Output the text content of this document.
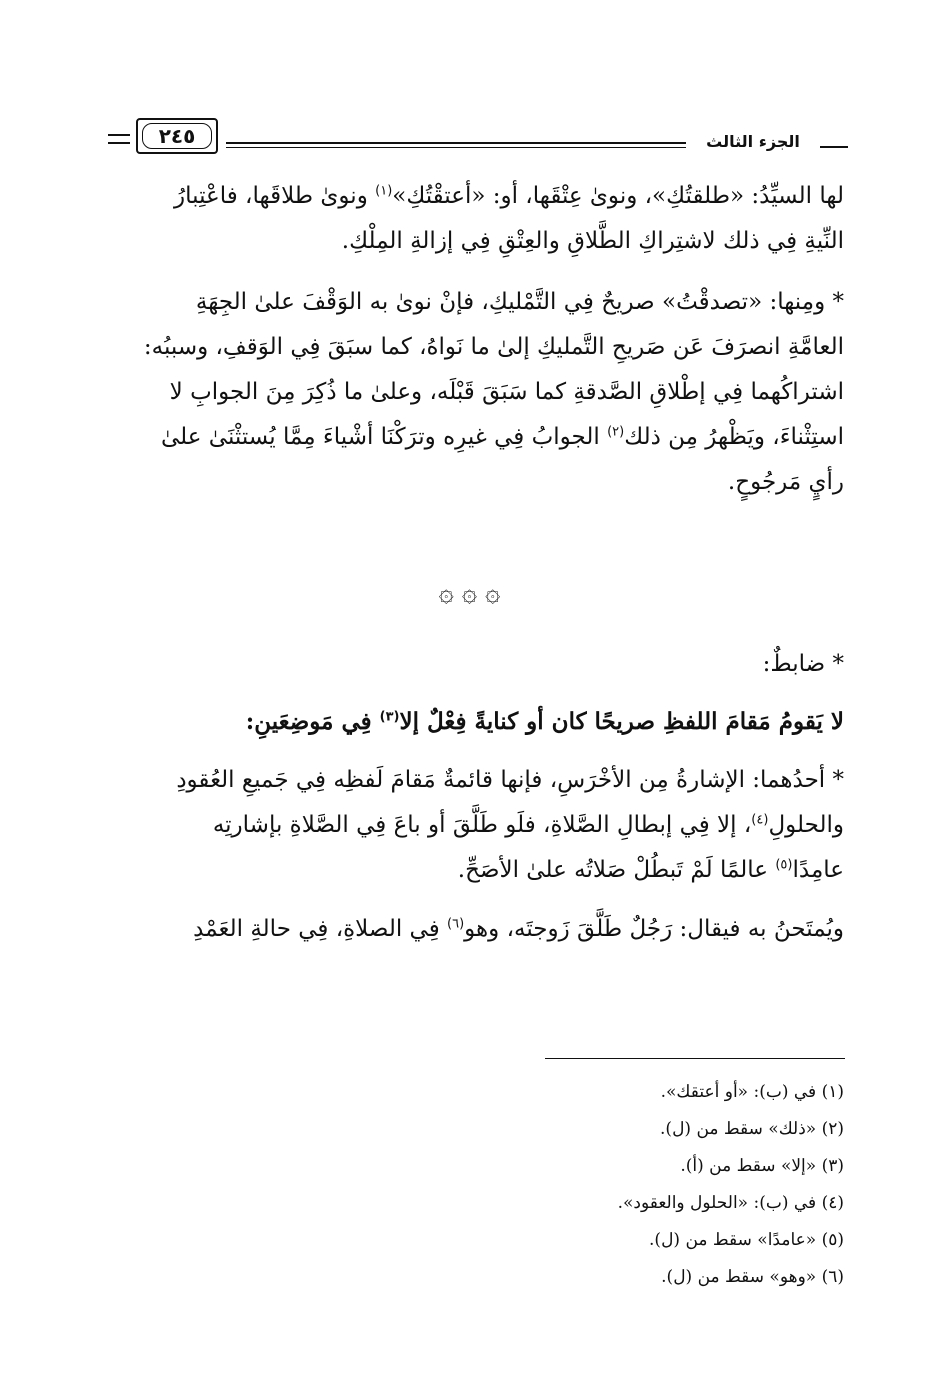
٢٤٥	الجزء الثالث

لها السيِّدُ: «طلقتُكِ»، ونوىٰ عِتْقَها، أو: «أعتقْتُكِ»$^{(١)}$ ونوىٰ طلاقَها، فاعْتِبارُ
النِّيةِ فِي ذلك لاشتِراكِ الطَّلاقِ والعِتْقِ فِي إزالةِ المِلْكِ.

* ومِنها: «تصدقْتُ» صريحٌ فِي التَّمْليكِ، فإنْ نوىٰ به الوَقْفَ علىٰ الجِهَةِ
العامَّةِ انصرَفَ عَن صَريحِ التَّمليكِ إلىٰ ما نَواهُ، كما سبَقَ فِي الوَقفِ، وسببُه:
اشتراكُهما فِي إطْلاقِ الصَّدقةِ كما سَبَقَ قَبْلَه، وعلىٰ ما ذُكِرَ مِنَ الجوابِ لا
استِثْناءَ، ويَظْهرُ مِن ذلك$^{(٢)}$ الجوابُ فِي غيرِه وترَكْنَا أشْياءَ مِمَّا يُستثْنَىٰ علىٰ
رأيٍ مَرجُوحٍ.

۞ ۞ ۞

* ضابطٌ:

لا يَقومُ مَقامَ اللفظِ صريحًا كان أو كنايةً فِعْلٌ إلا$^{(٣)}$ فِي مَوضِعَينِ:

* أحدُهما: الإشارةُ مِن الأخْرَسِ، فإنها قائمةٌ مَقامَ لَفظِه فِي جَميعِ العُقودِ
والحلولِ$^{(٤)}$، إلا فِي إبطالِ الصَّلاةِ، فلَو طَلَّقَ أو باعَ فِي الصَّلاةِ بإشارتِه
عامِدًا$^{(٥)}$ عالمًا لَمْ تَبطُلْ صَلاتُه علىٰ الأصَحِّ.

ويُمتَحنُ به فيقال: رَجُلٌ طَلَّقَ زَوجتَه، وهو$^{(٦)}$ فِي الصلاةِ، فِي حالةِ العَمْدِ

(١) في (ب): «أو أعتقك».
(٢) «ذلك» سقط من (ل).
(٣) «إلا» سقط من (أ).
(٤) في (ب): «الحلول والعقود».
(٥) «عامدًا» سقط من (ل).
(٦) «وهو» سقط من (ل).
